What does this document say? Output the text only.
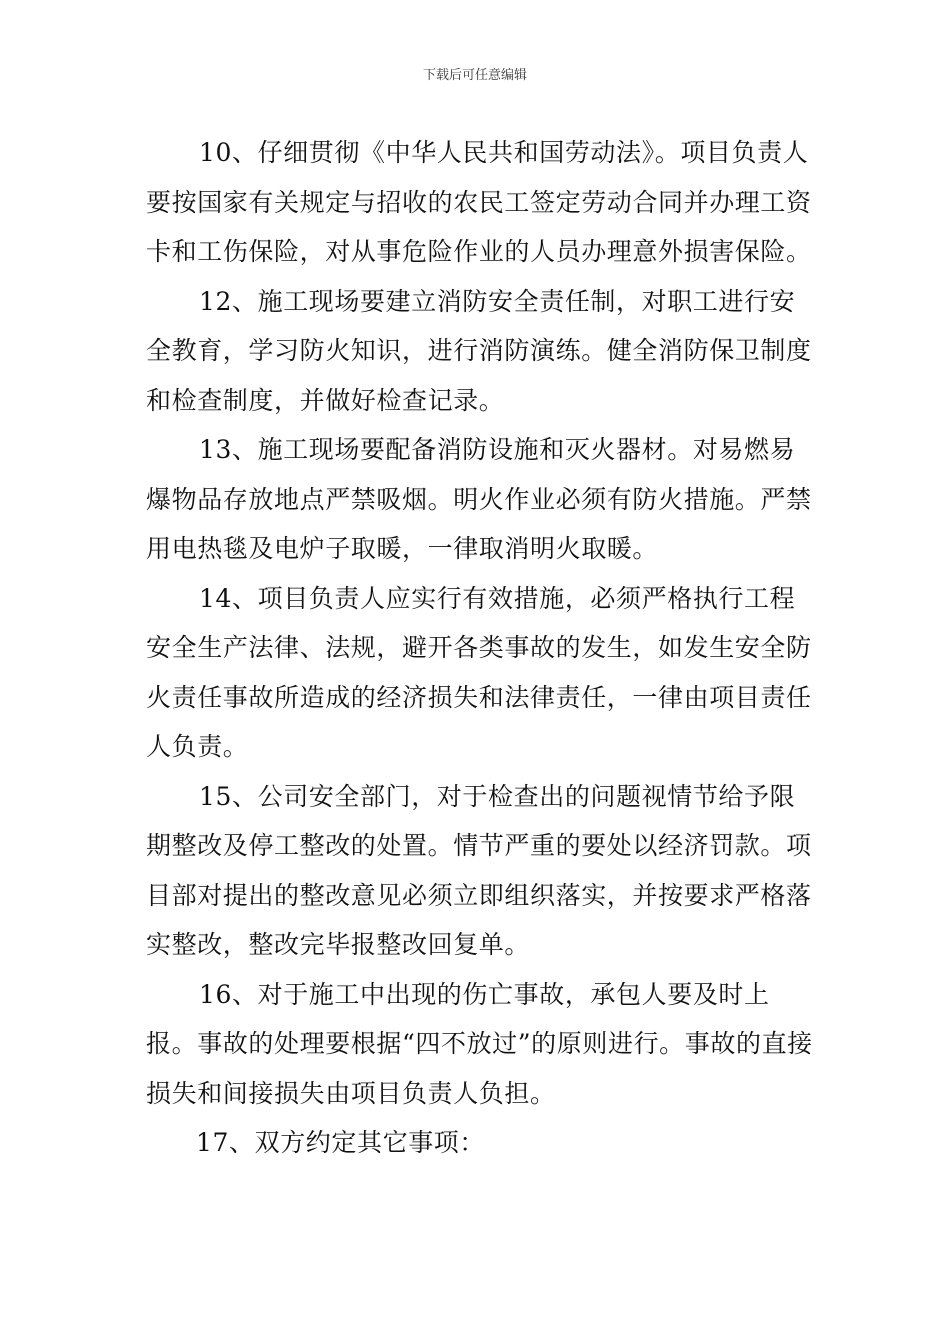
下载后可任意编辑

10、仔细贯彻《中华人民共和国劳动法》。项目负责人要按国家有关规定与招收的农民工签定劳动合同并办理工资卡和工伤保险，对从事危险作业的人员办理意外损害保险。

12、施工现场要建立消防安全责任制，对职工进行安全教育，学习防火知识，进行消防演练。健全消防保卫制度和检查制度，并做好检查记录。

13、施工现场要配备消防设施和灭火器材。对易燃易爆物品存放地点严禁吸烟。明火作业必须有防火措施。严禁用电热毯及电炉子取暖，一律取消明火取暖。

14、项目负责人应实行有效措施，必须严格执行工程安全生产法律、法规，避开各类事故的发生，如发生安全防火责任事故所造成的经济损失和法律责任，一律由项目责任人负责。

15、公司安全部门，对于检查出的问题视情节给予限期整改及停工整改的处置。情节严重的要处以经济罚款。项目部对提出的整改意见必须立即组织落实，并按要求严格落实整改，整改完毕报整改回复单。

16、对于施工中出现的伤亡事故，承包人要及时上报。事故的处理要根据“四不放过”的原则进行。事故的直接损失和间接损失由项目负责人负担。

17、双方约定其它事项：
